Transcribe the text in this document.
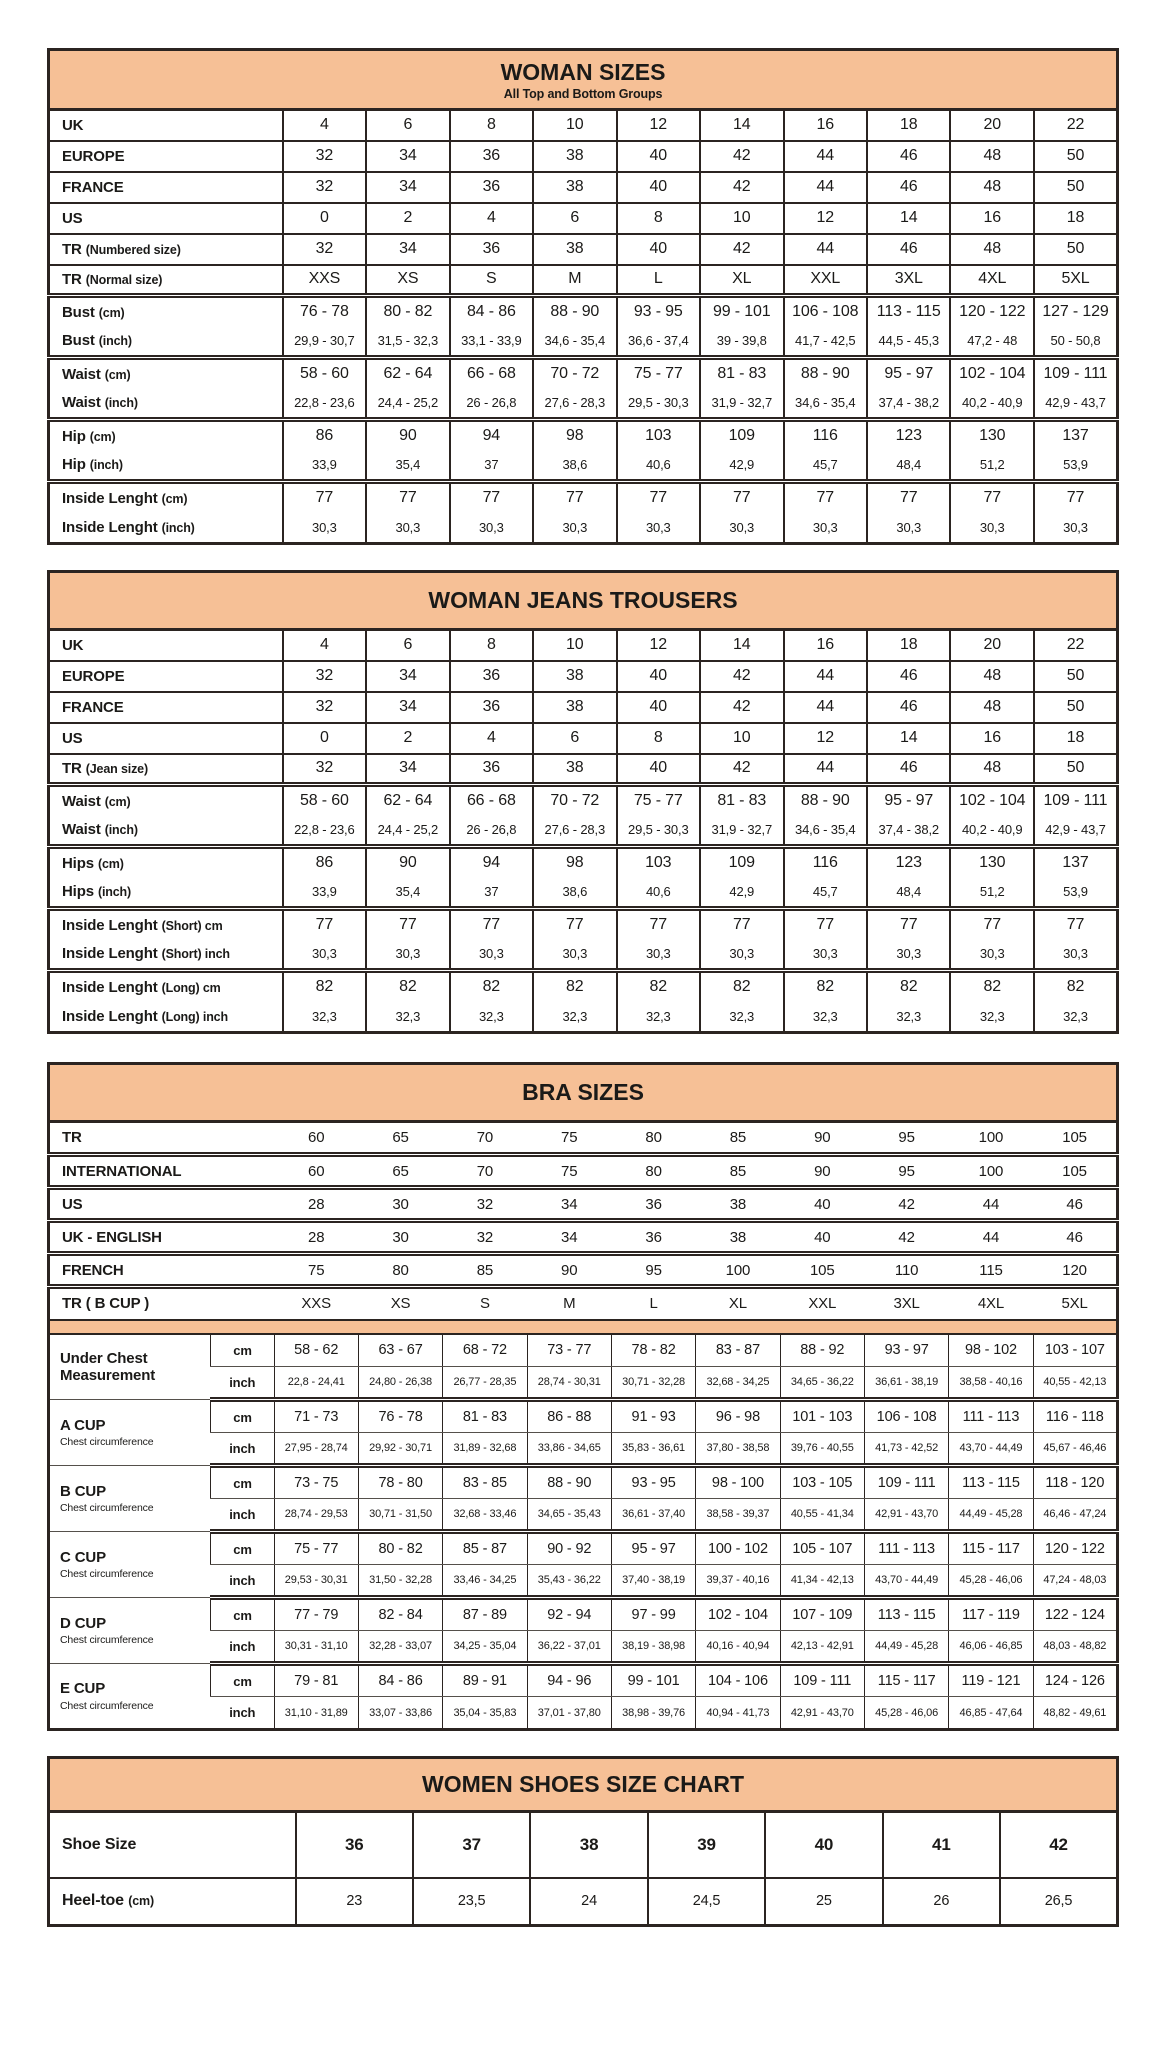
WOMAN SIZES
All Top and Bottom Groups										

UK	4	6	8	10	12	14	16	18	20	22
EUROPE	32	34	36	38	40	42	44	46	48	50
FRANCE	32	34	36	38	40	42	44	46	48	50
US	0	2	4	6	8	10	12	14	16	18
TR (Numbered size)	32	34	36	38	40	42	44	46	48	50
TR (Normal size)	XXS	XS	S	M	L	XL	XXL	3XL	4XL	5XL
Bust (cm)	76 - 78	80 - 82	84 - 86	88 - 90	93 - 95	99 - 101	106 - 108	113 - 115	120 - 122	127 - 129
Bust (inch)	29,9 - 30,7	31,5 - 32,3	33,1 - 33,9	34,6 - 35,4	36,6 - 37,4	39 - 39,8	41,7 - 42,5	44,5 - 45,3	47,2 - 48	50 - 50,8
Waist (cm)	58 - 60	62 - 64	66 - 68	70 - 72	75 - 77	81 - 83	88 - 90	95 - 97	102 - 104	109 - 111
Waist (inch)	22,8 - 23,6	24,4 - 25,2	26 - 26,8	27,6 - 28,3	29,5 - 30,3	31,9 - 32,7	34,6 - 35,4	37,4 - 38,2	40,2 - 40,9	42,9 - 43,7
Hip (cm)	86	90	94	98	103	109	116	123	130	137
Hip (inch)	33,9	35,4	37	38,6	40,6	42,9	45,7	48,4	51,2	53,9
Inside Lenght (cm)	77	77	77	77	77	77	77	77	77	77
Inside Lenght (inch)	30,3	30,3	30,3	30,3	30,3	30,3	30,3	30,3	30,3	30,3
WOMAN JEANS TROUSERS										

UK	4	6	8	10	12	14	16	18	20	22
EUROPE	32	34	36	38	40	42	44	46	48	50
FRANCE	32	34	36	38	40	42	44	46	48	50
US	0	2	4	6	8	10	12	14	16	18
TR (Jean size)	32	34	36	38	40	42	44	46	48	50
Waist (cm)	58 - 60	62 - 64	66 - 68	70 - 72	75 - 77	81 - 83	88 - 90	95 - 97	102 - 104	109 - 111
Waist (inch)	22,8 - 23,6	24,4 - 25,2	26 - 26,8	27,6 - 28,3	29,5 - 30,3	31,9 - 32,7	34,6 - 35,4	37,4 - 38,2	40,2 - 40,9	42,9 - 43,7
Hips (cm)	86	90	94	98	103	109	116	123	130	137
Hips (inch)	33,9	35,4	37	38,6	40,6	42,9	45,7	48,4	51,2	53,9
Inside Lenght (Short) cm	77	77	77	77	77	77	77	77	77	77
Inside Lenght (Short) inch	30,3	30,3	30,3	30,3	30,3	30,3	30,3	30,3	30,3	30,3
Inside Lenght (Long) cm	82	82	82	82	82	82	82	82	82	82
Inside Lenght (Long) inch	32,3	32,3	32,3	32,3	32,3	32,3	32,3	32,3	32,3	32,3
BRA SIZES											

TR		60	65	70	75	80	85	90	95	100	105
INTERNATIONAL		60	65	70	75	80	85	90	95	100	105
US		28	30	32	34	36	38	40	42	44	46
UK - ENGLISH		28	30	32	34	36	38	40	42	44	46
FRENCH		75	80	85	90	95	100	105	110	115	120
TR ( B CUP )		XXS	XS	S	M	L	XL	XXL	3XL	4XL	5XL

Under Chest Measurement	cm	58 - 62	63 - 67	68 - 72	73 - 77	78 - 82	83 - 87	88 - 92	93 - 97	98 - 102	103 - 107
	inch	22,8 - 24,41	24,80 - 26,38	26,77 - 28,35	28,74 - 30,31	30,71 - 32,28	32,68 - 34,25	34,65 - 36,22	36,61 - 38,19	38,58 - 40,16	40,55 - 42,13

A CUP
Chest circumference	cm	71 - 73	76 - 78	81 - 83	86 - 88	91 - 93	96 - 98	101 - 103	106 - 108	111 - 113	116 - 118
	inch	27,95 - 28,74	29,92 - 30,71	31,89 - 32,68	33,86 - 34,65	35,83 - 36,61	37,80 - 38,58	39,76 - 40,55	41,73 - 42,52	43,70 - 44,49	45,67 - 46,46

B CUP
Chest circumference	cm	73 - 75	78 - 80	83 - 85	88 - 90	93 - 95	98 - 100	103 - 105	109 - 111	113 - 115	118 - 120
	inch	28,74 - 29,53	30,71 - 31,50	32,68 - 33,46	34,65 - 35,43	36,61 - 37,40	38,58 - 39,37	40,55 - 41,34	42,91 - 43,70	44,49 - 45,28	46,46 - 47,24

C CUP
Chest circumference	cm	75 - 77	80 - 82	85 - 87	90 - 92	95 - 97	100 - 102	105 - 107	111 - 113	115 - 117	120 - 122
	inch	29,53 - 30,31	31,50 - 32,28	33,46 - 34,25	35,43 - 36,22	37,40 - 38,19	39,37 - 40,16	41,34 - 42,13	43,70 - 44,49	45,28 - 46,06	47,24 - 48,03

D CUP
Chest circumference	cm	77 - 79	82 - 84	87 - 89	92 - 94	97 - 99	102 - 104	107 - 109	113 - 115	117 - 119	122 - 124
	inch	30,31 - 31,10	32,28 - 33,07	34,25 - 35,04	36,22 - 37,01	38,19 - 38,98	40,16 - 40,94	42,13 - 42,91	44,49 - 45,28	46,06 - 46,85	48,03 - 48,82

E CUP
Chest circumference	cm	79 - 81	84 - 86	89 - 91	94 - 96	99 - 101	104 - 106	109 - 111	115 - 117	119 - 121	124 - 126
	inch	31,10 - 31,89	33,07 - 33,86	35,04 - 35,83	37,01 - 37,80	38,98 - 39,76	40,94 - 41,73	42,91 - 43,70	45,28 - 46,06	46,85 - 47,64	48,82 - 49,61
WOMEN SHOES SIZE CHART							

Shoe Size	36	37	38	39	40	41	42
Heel-toe (cm)	23	23,5	24	24,5	25	26	26,5
